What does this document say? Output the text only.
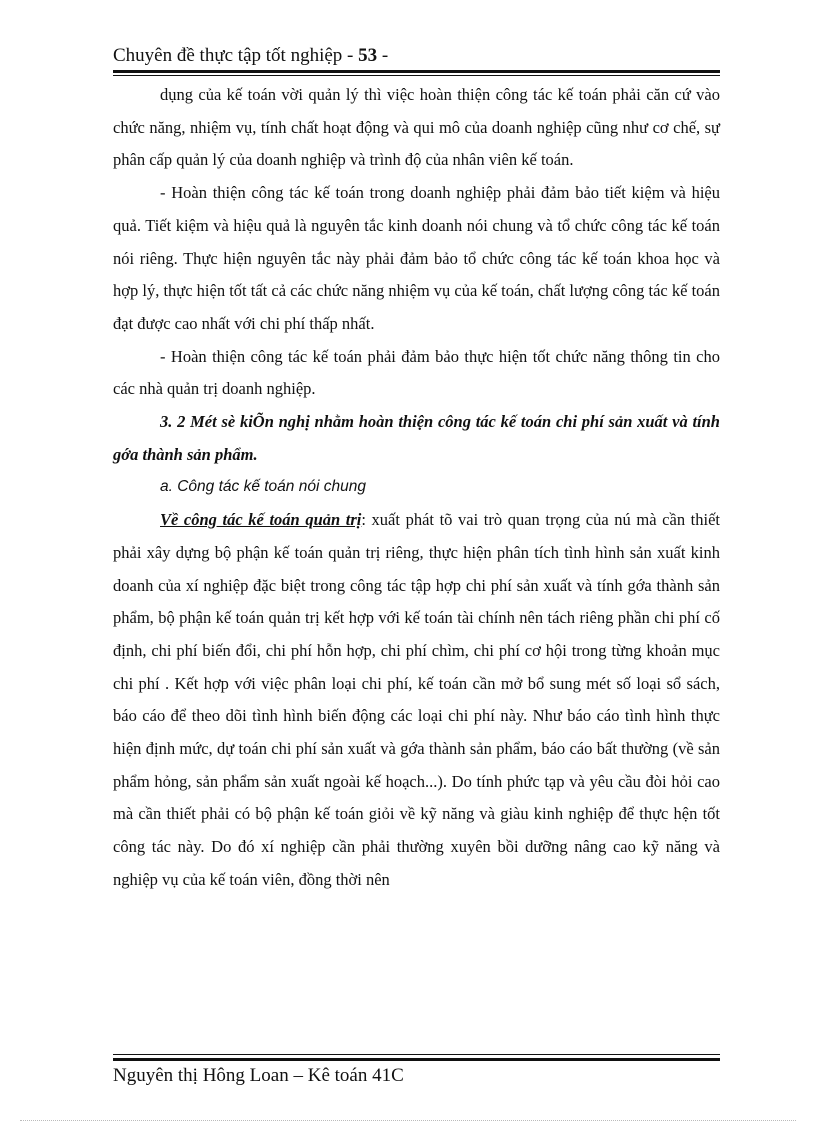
Chuyên đề thực tập tốt nghiệp - 53 -

dụng của kế toán vời quản lý thì việc hoàn thiện công tác kế toán phải căn cứ vào chức năng, nhiệm vụ, tính chất hoạt động và qui mô của doanh nghiệp cũng như cơ chế, sự phân cấp quản lý của doanh nghiệp và trình độ của nhân viên kế toán.

- Hoàn thiện công tác kế toán trong doanh nghiệp phải đảm bảo tiết kiệm và hiệu quả. Tiết kiệm và hiệu quả là nguyên tắc kinh doanh nói chung và tổ chức công tác kế toán nói riêng. Thực hiện nguyên tắc này phải đảm bảo tổ chức công tác kế toán khoa học và hợp lý, thực hiện tốt tất cả các chức năng nhiệm vụ của kế toán, chất lượng công tác kế toán đạt được cao nhất với chi phí thấp nhất.

- Hoàn thiện công tác kế toán phải đảm bảo thực hiện tốt chức năng thông tin cho các nhà quản trị doanh nghiệp.

3. 2 Mét sè kiÕn nghị nhằm hoàn thiện công tác kế toán chi phí sản xuất và tính gớa thành sản phẩm.

a. Công tác kế toán nói chung

Về công tác kế toán quản trị: xuất phát tõ vai trò quan trọng của nú mà cần thiết phải xây dựng bộ phận kế toán quản trị riêng, thực hiện phân tích tình hình sản xuất kinh doanh của xí nghiệp đặc biệt trong công tác tập hợp chi phí sản xuất và tính gớa thành sản phẩm, bộ phận kế toán quản trị kết hợp với kế toán tài chính nên tách riêng phần chi phí cố định, chi phí biến đổi, chi phí hỗn hợp, chi phí chìm, chi phí cơ hội trong từng khoản mục chi phí . Kết hợp với việc phân loại chi phí, kế toán cần mở bổ sung mét số loại sổ sách, báo cáo để theo dõi tình hình biến động các loại chi phí này. Như báo cáo tình hình thực hiện định mức, dự toán chi phí sản xuất và gớa thành sản phẩm, báo cáo bất thường (về sản phẩm hỏng, sản phẩm sản xuất ngoài kế hoạch...). Do tính phức tạp và yêu cầu đòi hỏi cao mà cần thiết phải có bộ phận kế toán giỏi về kỹ năng và giàu kinh nghiệp để thực hện tốt công tác này. Do đó xí nghiệp cần phải thường xuyên bồi dưỡng nâng cao kỹ năng và nghiệp vụ của kế toán viên, đồng thời nên

Nguyên thị Hông Loan – Kê toán 41C
